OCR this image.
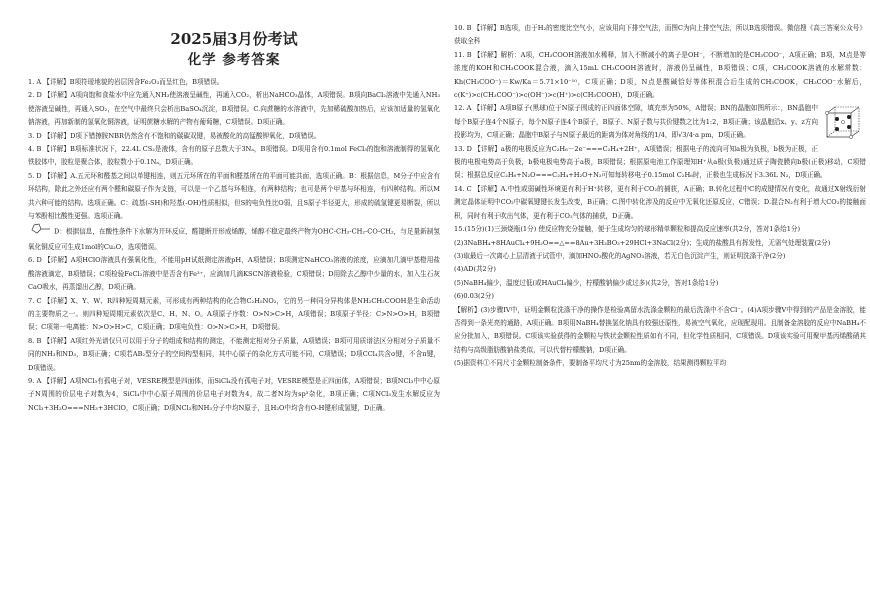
2025届3月份考试
化学 参考答案

1. A 【详解】B项符瑷地貌的岩层因含Fe₂O₃而呈红色，B项错误。

2. D 【详解】A项向饱和食盐水中应先通入NH₃使溶液呈碱性，再通入CO₂，析出NaHCO₃晶体，A项错误。B项向BaCl₂溶液中先通入NH₃使溶液呈碱性，再通入SO₂，在空气中最终只会析出BaSO₄沉淀，B项错误。C.向蔗糖的水溶液中，先加稀硫酸加热后，应该加适量的氢氧化钠溶液，再加新制的氢氧化铜溶液，证明蔗糖水解的产物有葡萄糖，C项错误。D项正确。

3. D 【详解】D项下错擦胺NBR仍然含有不饱和的碳碳双键，易被酸化的高锰酸钾氧化，D项错误。

4. B 【详解】B项标准状况下，22.4L CS₂是液体，含有的原子总数大于3Nₐ，B项错误。D项用含有0.1mol FeCl₃的饱和溶液制得的氢氧化铁胶体中，胶粒是聚合体，胶粒数小于0.1Nₐ，D项正确。

5. D 【详解】A.五元环和醛基之间以单键相连，则五元环所在的平面和醛基所在的平面可能共面，选项正确。B：根据信息，M分子中应含有环结构，除此之外还应有两个醛和碳原子作为支链，可以是一个乙基与环相连，有两种结构；也可是两个甲基与环相连，有四种结构。所以M共六种可能的结构。选项正确。C：疏基(-SH)和羟基(-OH)性质相似，但S的电负性比O弱，且S原子半径更大，形成的硫氢键更易断裂，所以与苯酚相比酸性更强。选项正确。

D：根据信息，在酸性条件下水解为开环反应，醛键断开形成烯醇，烯醇不稳定最终产物为OHC-CH₂-CH₂-CO-CH₂，与足量新制氢氧化铜反应可生成1mol的Cu₂O，选项错误。

6. D 【详解】A项HClO溶液具有强氧化性，不能用pH试纸测定溶液pH，A项错误；B项测定NaHCO₃溶液的浓度，应滴加几滴甲基橙用盐酸溶液滴定，B项错误；C项检验FeCl₂溶液中是否含有Fe³⁺，应滴加几滴KSCN溶液检验，C项错误；D用除去乙醇中少量的水，加入生石灰CaO吸水，再蒸馏出乙醇，D项正确。

7. C 【详解】X、Y、W、R四种短周期元素，可形成有两种结构的化合物C₂H₅NO₂，它的另一种同分异构体是NH₂CH₂COOH是生命活动的主要物质之一。则四种短周期元素依次是C、H、N、O。A项原子序数：O>N>C>H，A项错误；B项原子半径：C>N>O>H，B项错误；C项第一电离能：N>O>H>C，C项正确；D项电负性：O>N>C>H，D项错误。

8. B 【详解】A项红外光谱仅只可以用于分子的组成和结构的测定，不能测定相对分子质量，A项错误；B项可用质谱法区分相对分子质量不同的NH₃和ND₃，B项正确；C项若AB₂型分子的空间构型相同，其中心原子的杂化方式可能不同，C项错误；D项CCl₄共含σ键，不含π键，D项错误。

9. A 【详解】A项NCl₃有孤电子对，VESRE模型是四面体，而SiCl₄没有孤电子对，VESRE模型是正四面体，A项错误；B项NCl₃中中心原子N周围的价层电子对数为4，SiCl₄中中心原子周围的价层电子对数为4，故二者N均为sp³杂化，B项正确；C项NCl₃发生水解反应为NCl₃+3H₂O===NH₃+3HClO，C项正确；D项NCl₃和NH₃分子中均N原子，且H₂O中均含有O-H键形成氢键，D正确。

10. B 【详解】B选项，由于H₂的密度比空气小，应该用向下排空气法，而图C为向上排空气法，所以B选项错误。微信搜《高三答案公众号》获取全科

11. B 【详解】解析：A项，CH₃COOH溶液加水稀释，加入不断减小的离子是OH⁻，不断增加的是CH₃COO⁻，A项正确；B项，M点是等浓度的KOH和CH₃COOK混合液，滴入15mL CH₃COOH溶液时，溶液仍呈碱性，B项错误；C项，CH₃COOK溶液的水解常数：Kh(CH₃COO⁻)＝Kw/Ka＝5.71×10⁻¹⁰，C项正确；D项，N点是酸碱恰好等体积混合后生成的CH₃COOK，CH₃COO⁻水解后，c(K⁺)>c(CH₃COO⁻)>c(OH⁻)>c(H⁺)>c(CH₃COOH)，D项正确。

12. A 【详解】A项B原子(黑球)位于N原子围成的正四面体空隙，填充率为50%，A错误；BN的晶胞如图所示：，BN晶胞中每个B原子连4个N原子，每个N原子连4个B原子，B原子、N原子数与共价键数之比为1:2，B项正确；该晶胞沿x、y、z方向投影均为，C项正确；晶胞中B原子与N原子最近的距离为体对角线的1/4，即√3/4·a pm，D项正确。

13. D 【详解】a极的电极反应为C₂H₆－2e⁻===C₂H₄+2H⁺，A项错误；根据电子的流向可知a极为负极，b极为正极，正极的电极电势高于负极，b极电极电势高于a极，B项错误；根据原电池工作原理知H⁺从a极(负极)通过质子陶瓷膜向b极(正极)移动，C项错误；根据总反应C₂H₆+N₂O===C₂H₄+H₂O+N₂可知每转移电子0.15mol C₂H₆时，正极也生成标况下3.36L N₂，D项正确。

14. C 【详解】A.中性或弱碱性环境更有利于H⁺转移，更有利于CO₂的捕获，A正确；B.转化过程中C的成键情况有变化，故通过X射线衍射测定晶体证明中CO₂中碳氧键键长发生改变，B正确；C.图中转化涉及的反应中无氧化还原反应，C错误；D.混合N₂有利于增大CO₂的接触面积，同时有利于吹出气体，更有利于CO₂气体的捕获，D正确。

15.(15分)(1)三颈烧瓶(1分) 使反应物充分接触，便于生成均匀的球形精单颗粒和提高反应速率(共2分，答对1条给1分)

(2)3NaBH₄+8HAuCl₄+9H₂O==△==8Au+3H₃BO₃+29HCl+3NaCl(2分)；生成的盐酸具有挥发性，无需气处理装置(2分)

(3)取最后一次离心上层清液于试管中，滴加HNO₃酸化的AgNO₃溶液，若无白色沉淀产生，则证明洗涤干净(2分)

(4)AD(共2分)

(5)NaBH₄偏少，温度过低(或HAuCl₄偏少，柠檬酸钠偏少或过多)(共2分，答对1条给1分)

(6)0.03(2分)

【解析】(3)步骤IV中，证明金颗粒洗涤干净的操作是检验离留水洗涤金颗粒的最后洗涤中不含Cl⁻。(4)A项步骤V中得到的产品是金溶胶，能否得到一条光亮的通路，A项正确。B项用NaBH₄替换氢化钠具有较强还原性，易被空气氧化，应现配现用。且制备金溶胶的反应中NaBH₄不应分批加入，B项错误。C项该实验获得的金颗粒与铁状金颗粒性质如有不同，但化学性质相同，C项错误。D项该实验可用聚甲基丙烯酸硝其结构与高级脂肪酸钠盐类似，可以代替柠檬酸钠，D项正确。

(5)据资料①不同尺寸金颗粒制备条件，要制备平均尺寸为25nm的金溶胶，结果测得颗粒平均
